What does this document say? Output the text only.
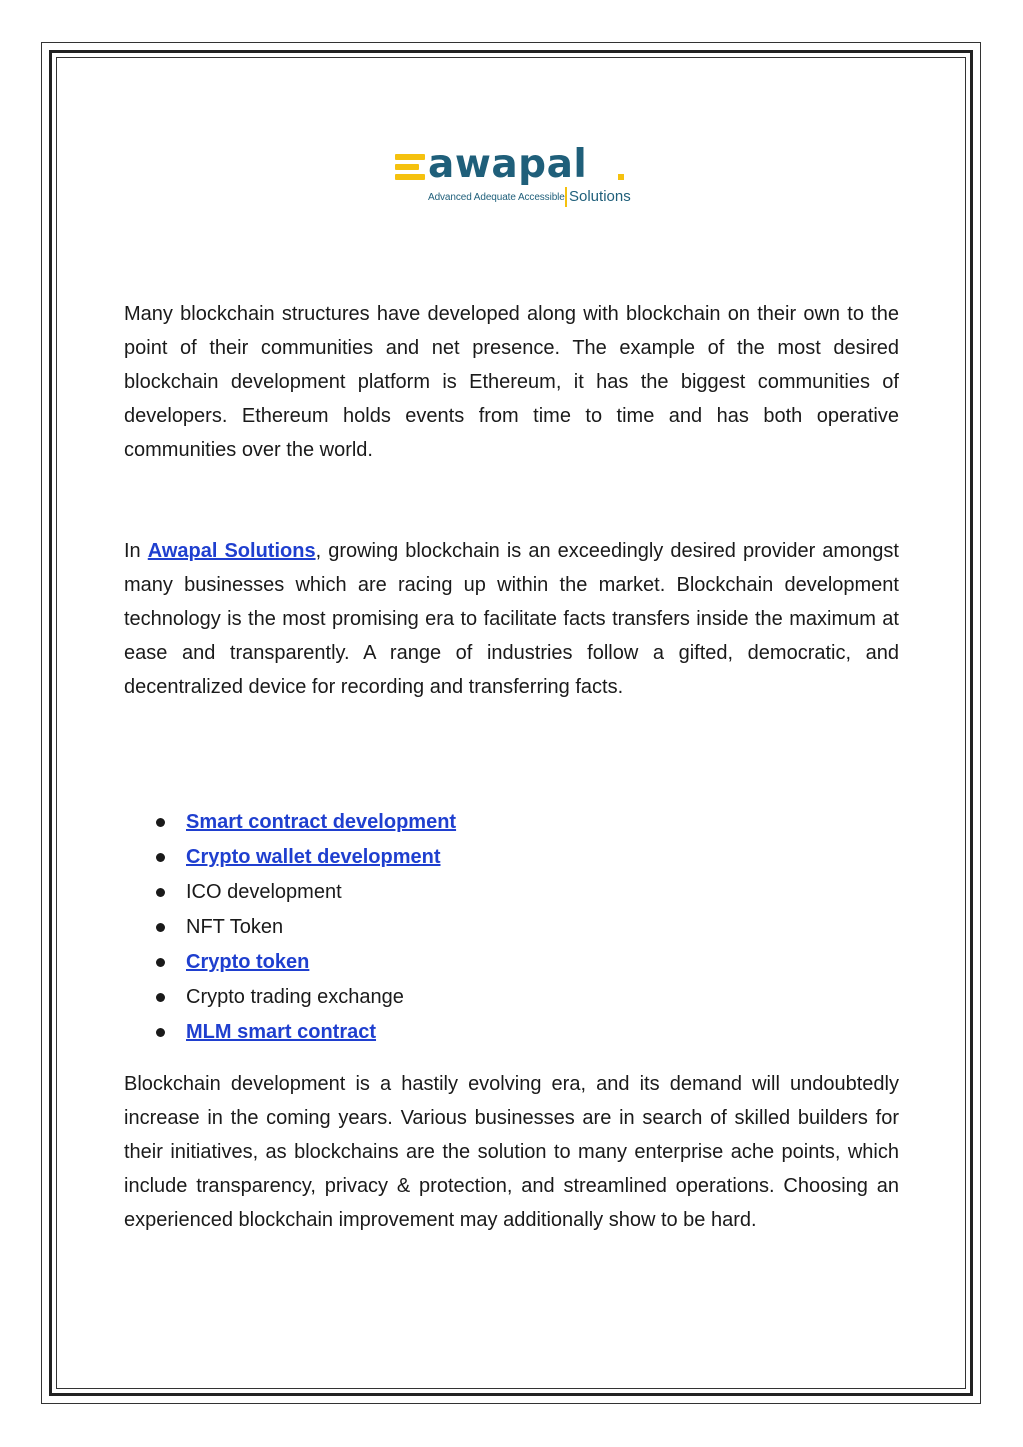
awapal
Advanced Adequate Accessible Solutions

Many blockchain structures have developed along with blockchain on their own to the point of their communities and net presence. The example of the most desired blockchain development platform is Ethereum, it has the biggest communities of developers. Ethereum holds events from time to time and has both operative communities over the world.

In Awapal Solutions, growing blockchain is an exceedingly desired provider amongst many businesses which are racing up within the market. Blockchain development technology is the most promising era to facilitate facts transfers inside the maximum at ease and transparently. A range of industries follow a gifted, democratic, and decentralized device for recording and transferring facts.

Smart contract development
Crypto wallet development
ICO development
NFT Token
Crypto token
Crypto trading exchange
MLM smart contract

Blockchain development is a hastily evolving era, and its demand will undoubtedly increase in the coming years. Various businesses are in search of skilled builders for their initiatives, as blockchains are the solution to many enterprise ache points, which include transparency, privacy & protection, and streamlined operations. Choosing an experienced blockchain improvement may additionally show to be hard.
